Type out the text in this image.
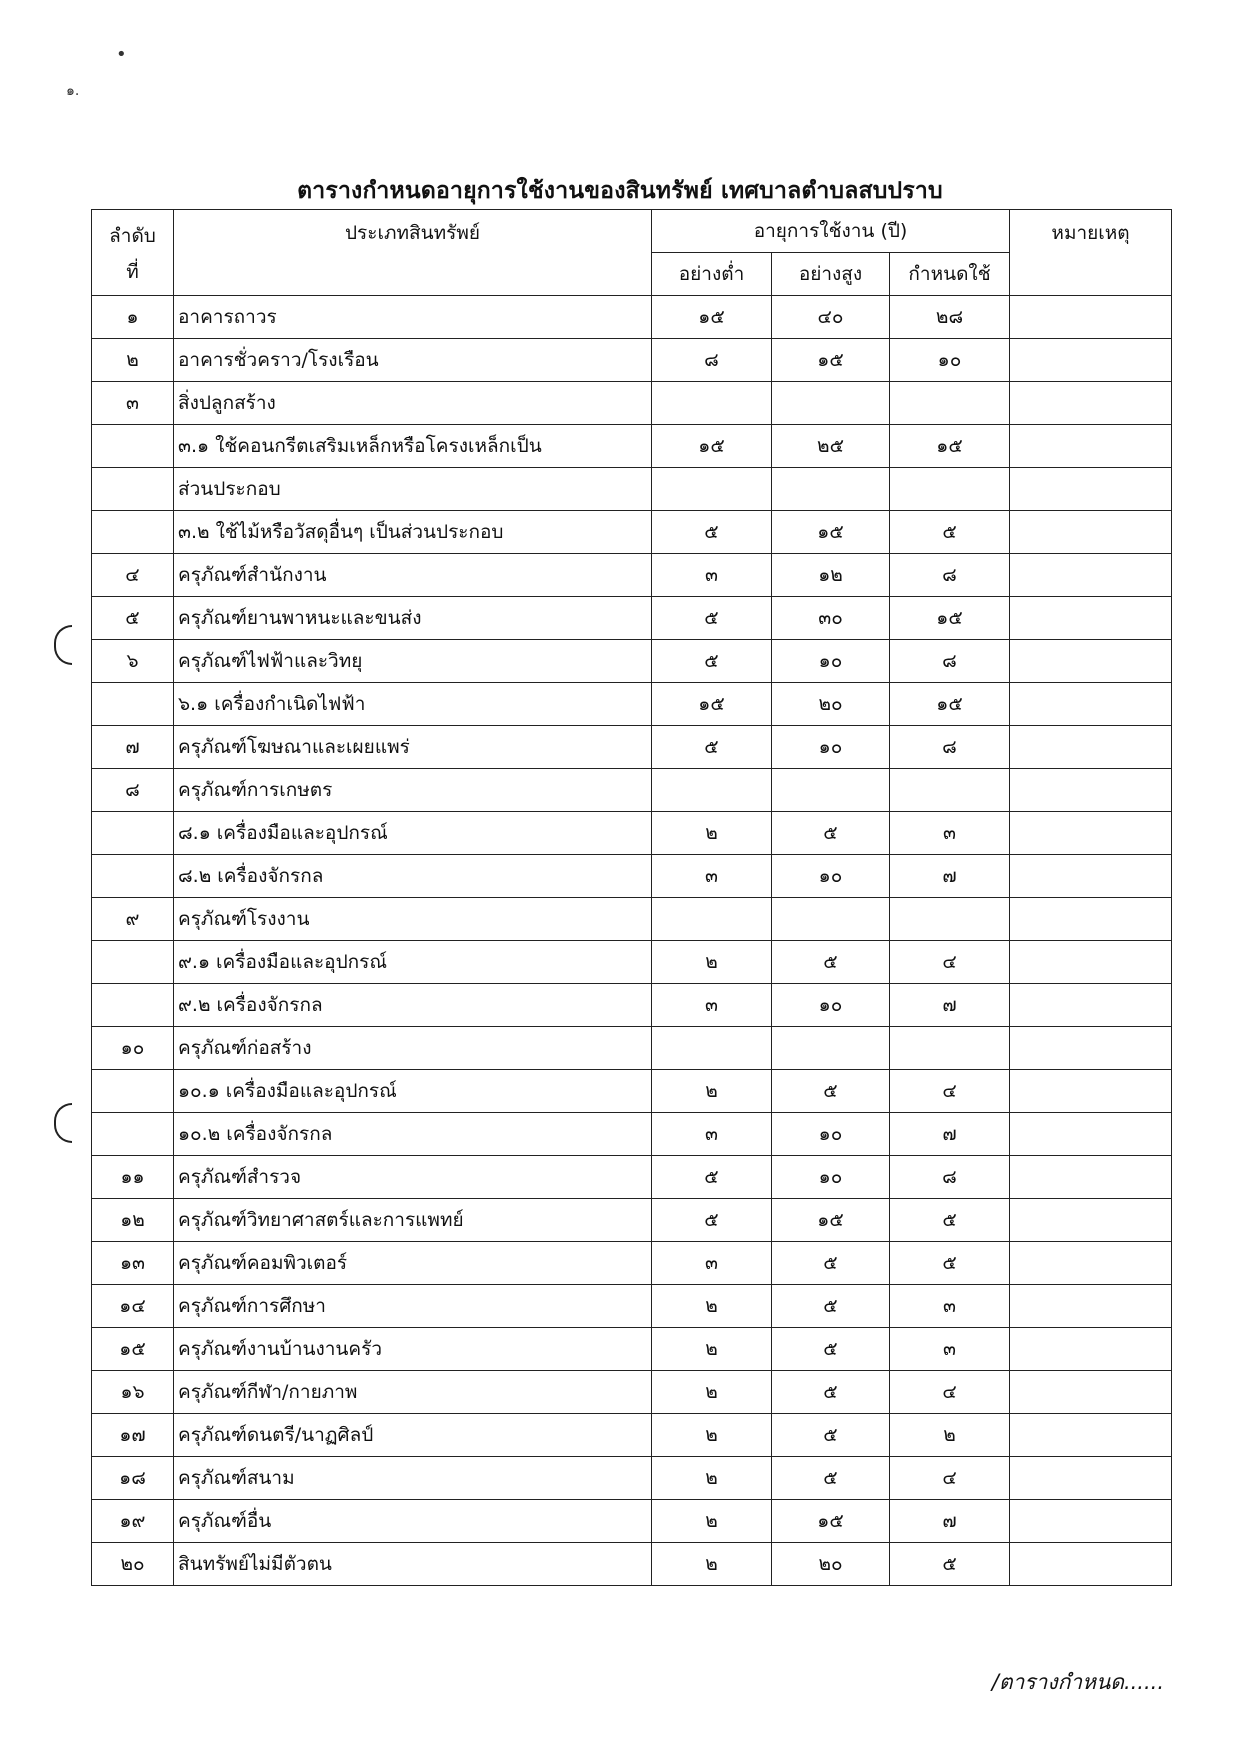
•
๑.
ตารางกำหนดอายุการใช้งานของสินทรัพย์ เทศบาลตำบลสบปราบ
ลำดับ
ที่	ประเภทสินทรัพย์	อายุการใช้งาน (ปี)			หมายเหตุ
		อย่างต่ำ	อย่างสูง	กำหนดใช้	
๑	อาคารถาวร	๑๕	๔๐	๒๘	
๒	อาคารชั่วคราว/โรงเรือน	๘	๑๕	๑๐	
๓	สิ่งปลูกสร้าง				
	๓.๑ ใช้คอนกรีตเสริมเหล็กหรือโครงเหล็กเป็น	๑๕	๒๕	๑๕	
	ส่วนประกอบ				
	๓.๒ ใช้ไม้หรือวัสดุอื่นๆ เป็นส่วนประกอบ	๕	๑๕	๕	
๔	ครุภัณฑ์สำนักงาน	๓	๑๒	๘	
๕	ครุภัณฑ์ยานพาหนะและขนส่ง	๕	๓๐	๑๕	
๖	ครุภัณฑ์ไฟฟ้าและวิทยุ	๕	๑๐	๘	
	๖.๑ เครื่องกำเนิดไฟฟ้า	๑๕	๒๐	๑๕	
๗	ครุภัณฑ์โฆษณาและเผยแพร่	๕	๑๐	๘	
๘	ครุภัณฑ์การเกษตร				
	๘.๑ เครื่องมือและอุปกรณ์	๒	๕	๓	
	๘.๒ เครื่องจักรกล	๓	๑๐	๗	
๙	ครุภัณฑ์โรงงาน				
	๙.๑ เครื่องมือและอุปกรณ์	๒	๕	๔	
	๙.๒ เครื่องจักรกล	๓	๑๐	๗	
๑๐	ครุภัณฑ์ก่อสร้าง				
	๑๐.๑ เครื่องมือและอุปกรณ์	๒	๕	๔	
	๑๐.๒ เครื่องจักรกล	๓	๑๐	๗	
๑๑	ครุภัณฑ์สำรวจ	๕	๑๐	๘	
๑๒	ครุภัณฑ์วิทยาศาสตร์และการแพทย์	๕	๑๕	๕	
๑๓	ครุภัณฑ์คอมพิวเตอร์	๓	๕	๕	
๑๔	ครุภัณฑ์การศึกษา	๒	๕	๓	
๑๕	ครุภัณฑ์งานบ้านงานครัว	๒	๕	๓	
๑๖	ครุภัณฑ์กีฬา/กายภาพ	๒	๕	๔	
๑๗	ครุภัณฑ์ดนตรี/นาฏศิลป์	๒	๕	๒	
๑๘	ครุภัณฑ์สนาม	๒	๕	๔	
๑๙	ครุภัณฑ์อื่น	๒	๑๕	๗	
๒๐	สินทรัพย์ไม่มีตัวตน	๒	๒๐	๕	
/ตารางกำหนด......
